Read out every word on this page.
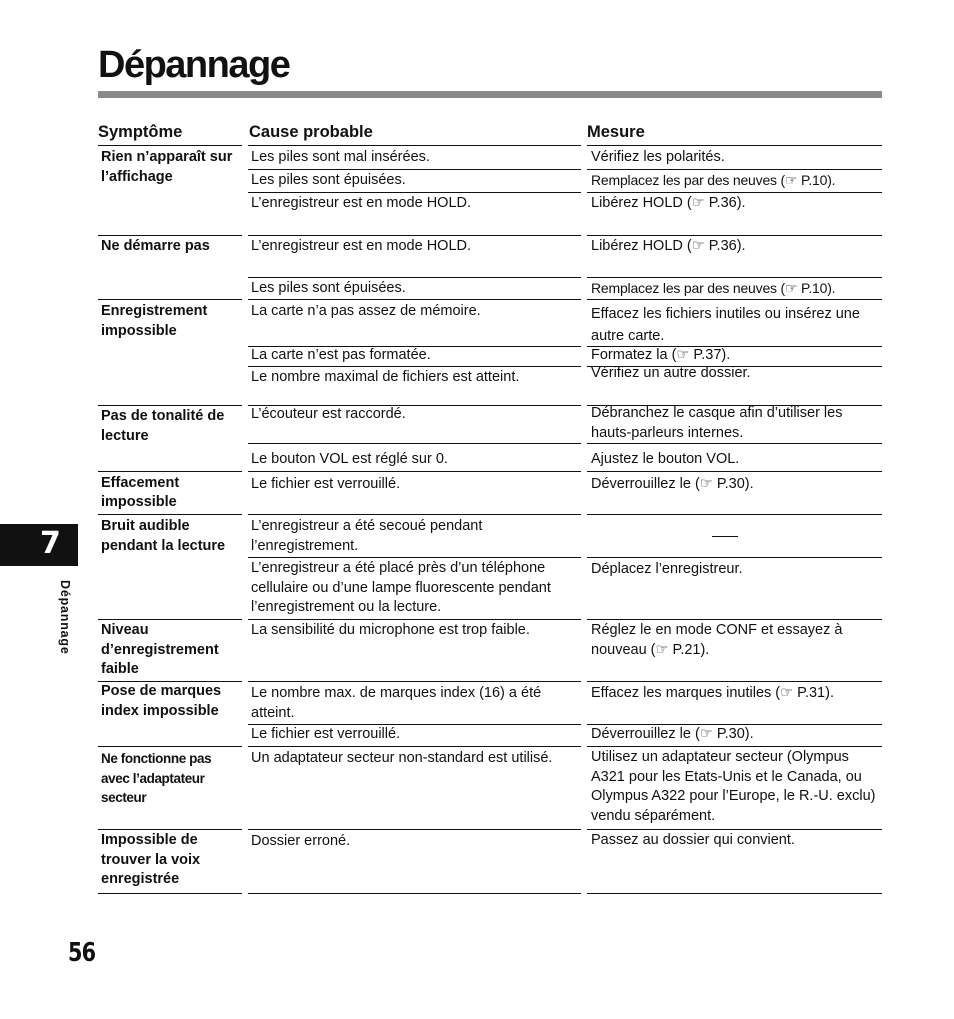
Dépannage
Symptôme	Cause probable	Mesure
Rien n’apparaît sur l’affichage
Ne démarre pas
Enregistrement impossible
Pas de tonalité de lecture
Effacement impossible
Bruit audible pendant la lecture
Niveau d’enregistrement faible
Pose de marques index impossible
Ne fonctionne pas avec l’adaptateur secteur
Impossible de trouver la voix enregistrée
Les piles sont mal insérées.
Les piles sont épuisées.
L’enregistreur est en mode HOLD.
L’enregistreur est en mode HOLD.
Les piles sont épuisées.
La carte n’a pas assez de mémoire.
La carte n’est pas formatée.
Le nombre maximal de fichiers est atteint.
L’écouteur est raccordé.
Le bouton VOL est réglé sur 0.
Le fichier est verrouillé.
L’enregistreur a été secoué pendant l’enregistrement.
L’enregistreur a été placé près d’un téléphone cellulaire ou d’une lampe fluorescente pendant l’enregistrement ou la lecture.
La sensibilité du microphone est trop faible.
Le nombre max. de marques index (16) a été atteint.
Le fichier est verrouillé.
Un adaptateur secteur non-standard est utilisé.
Dossier erroné.
Vérifiez les polarités.
Remplacez les par des neuves (☞ P.10).
Libérez HOLD (☞ P.36).
Libérez HOLD (☞ P.36).
Remplacez les par des neuves (☞ P.10).
Effacez les fichiers inutiles ou insérez une autre carte.
Formatez la (☞ P.37).
Vérifiez un autre dossier.
Débranchez le casque afin d’utiliser les hauts-parleurs internes.
Ajustez le bouton VOL.
Déverrouillez le (☞ P.30).
Déplacez l’enregistreur.
Réglez le en mode CONF et essayez à nouveau (☞ P.21).
Effacez les marques inutiles (☞ P.31).
Déverrouillez le (☞ P.30).
Utilisez un adaptateur secteur (Olympus A321 pour les Etats-Unis et le Canada, ou Olympus A322 pour l’Europe, le R.-U. exclu) vendu séparément.
Passez au dossier qui convient.
7
Dépannage
56
